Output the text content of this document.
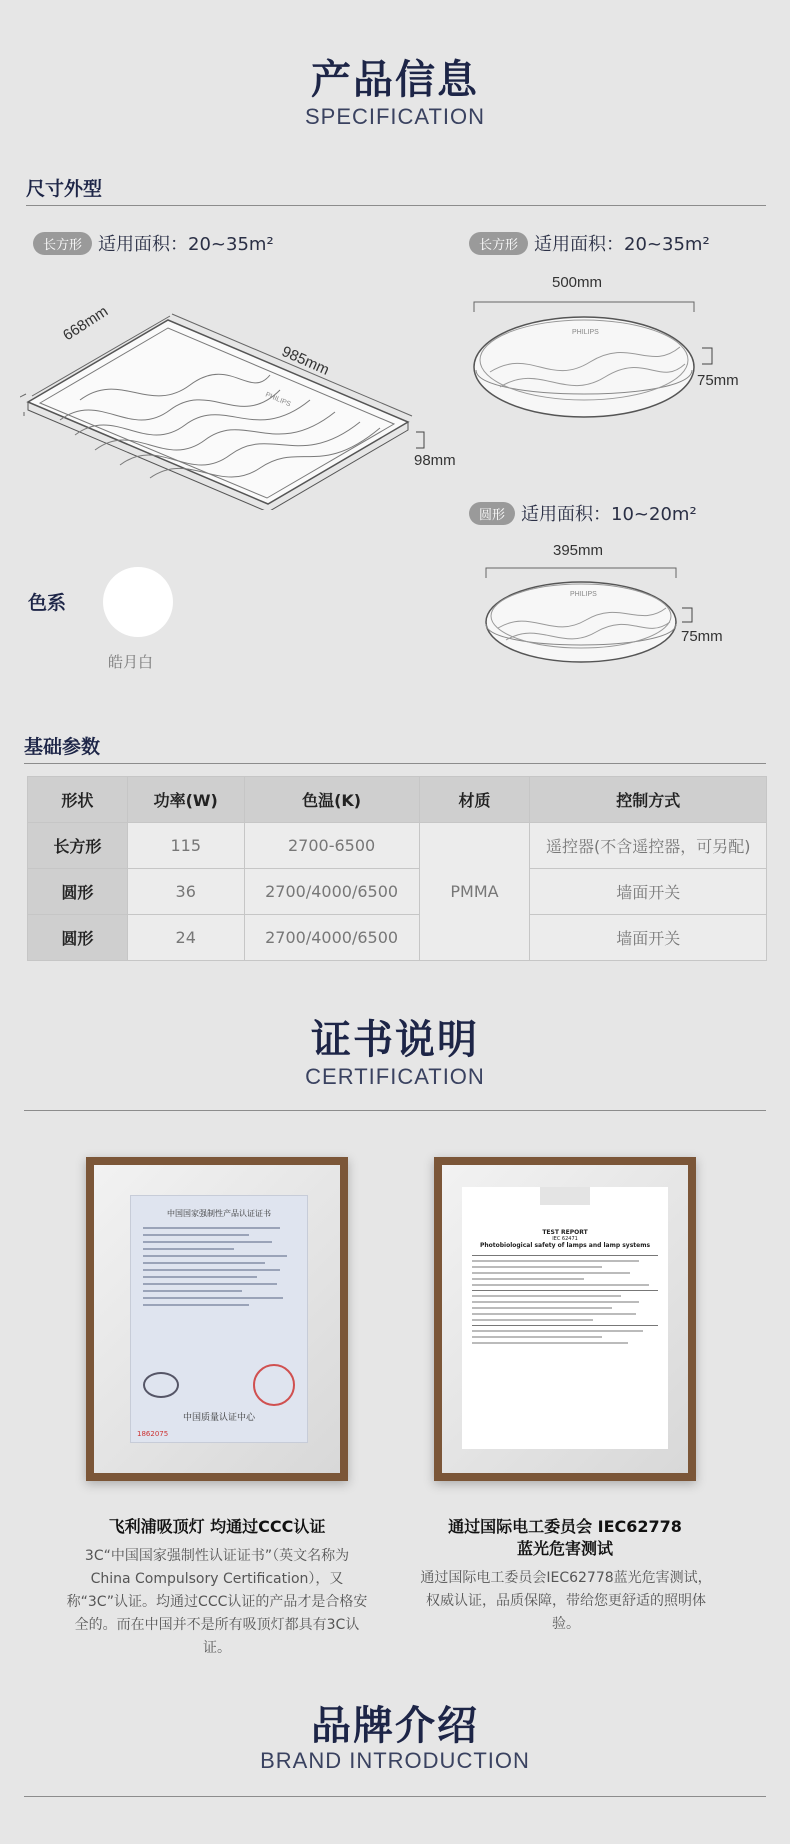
产品信息
SPECIFICATION
尺寸外型
长方形 适用面积：20~35m²	长方形 适用面积：20~35m²
PHILIPS
668mm
985mm
98mm
500mm
PHILIPS
75mm
圆形 适用面积：10~20m²
395mm
PHILIPS
75mm
色系
皓月白
基础参数
形状	功率(W)	色温(K)	材质	控制方式
长方形	115	2700-6500	PMMA	遥控器(不含遥控器，可另配)
圆形	36	2700/4000/6500		墙面开关
圆形	24	2700/4000/6500		墙面开关
证书说明
CERTIFICATION
中国国家强制性产品认证证书
中国质量认证中心
1862075
TEST REPORT
IEC 62471
Photobiological safety of lamps and lamp systems
飞利浦吸顶灯 均通过CCC认证
3C“中国国家强制性认证证书”（英文名称为China Compulsory Certification），又称“3C”认证。均通过CCC认证的产品才是合格安全的。而在中国并不是所有吸顶灯都具有3C认证。
通过国际电工委员会 IEC62778 蓝光危害测试
通过国际电工委员会IEC62778蓝光危害测试，权威认证，品质保障，带给您更舒适的照明体验。
品牌介绍
BRAND INTRODUCTION
